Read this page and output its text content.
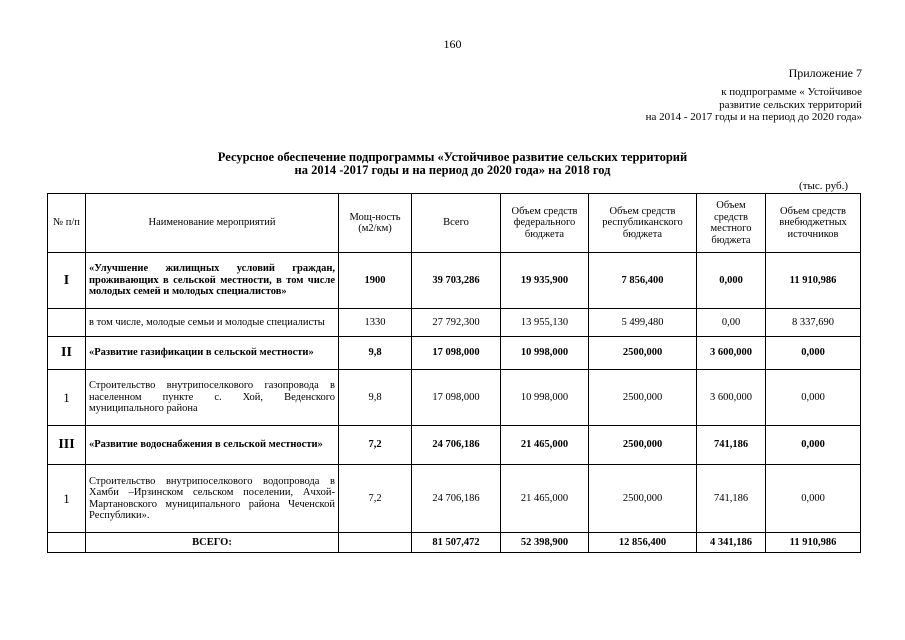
160
Приложение 7
к подпрограмме « Устойчивое
развитие сельских территорий
на 2014 - 2017 годы и на период до 2020 года»
Ресурсное обеспечение подпрограммы «Устойчивое развитие сельских территорий
на 2014 -2017 годы и на период до 2020 года» на 2018 год
(тыс. руб.)
№ п/п	Наименование мероприятий	Мощ-ность (м2/км)	Всего	Объем средств федерального бюджета	Объем средств республиканского бюджета	Объем средств местного бюджета	Объем средств внебюджетных источников
I	«Улучшение жилищных условий граждан, проживающих в сельской местности, в том числе молодых семей и молодых специалистов»	1900	39 703,286	19 935,900	7 856,400	0,000	11 910,986
	в том числе, молодые семьи и молодые специалисты	1330	27 792,300	13 955,130	5 499,480	0,00	8 337,690
II	«Развитие газификации в сельской местности»	9,8	17 098,000	10 998,000	2500,000	3 600,000	0,000
1	Строительство внутрипоселкового газопровода в населенном пункте с. Хой, Веденского муниципального района	9,8	17 098,000	10 998,000	2500,000	3 600,000	0,000
III	«Развитие водоснабжения в сельской местности»	7,2	24 706,186	21 465,000	2500,000	741,186	0,000
1	Строительство внутрипоселкового водопровода в Хамби –Ирзинском сельском поселении, Ачхой-Мартановского муниципального района Чеченской Республики».	7,2	24 706,186	21 465,000	2500,000	741,186	0,000
	ВСЕГО:		81 507,472	52 398,900	12 856,400	4 341,186	11 910,986
